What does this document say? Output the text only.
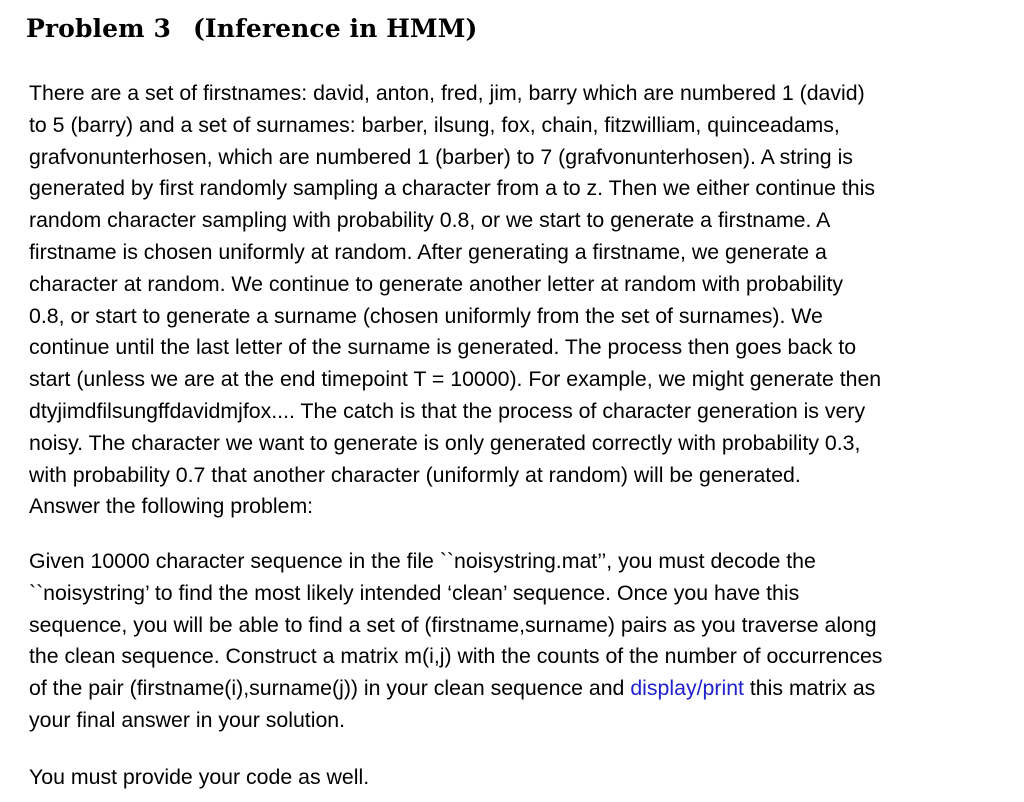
Problem 3 (Inference in HMM)
There are a set of firstnames: david, anton, fred, jim, barry which are numbered 1 (david)
to 5 (barry) and a set of surnames: barber, ilsung, fox, chain, fitzwilliam, quinceadams,
grafvonunterhosen, which are numbered 1 (barber) to 7 (grafvonunterhosen). A string is
generated by first randomly sampling a character from a to z. Then we either continue this
random character sampling with probability 0.8, or we start to generate a firstname. A
firstname is chosen uniformly at random. After generating a firstname, we generate a
character at random. We continue to generate another letter at random with probability
0.8, or start to generate a surname (chosen uniformly from the set of surnames). We
continue until the last letter of the surname is generated. The process then goes back to
start (unless we are at the end timepoint T = 10000). For example, we might generate then
dtyjimdfilsungffdavidmjfox.... The catch is that the process of character generation is very
noisy. The character we want to generate is only generated correctly with probability 0.3,
with probability 0.7 that another character (uniformly at random) will be generated.
Answer the following problem:
Given 10000 character sequence in the file ``noisystring.mat’’, you must decode the
``noisystring’ to find the most likely intended ‘clean’ sequence. Once you have this
sequence, you will be able to find a set of (firstname,surname) pairs as you traverse along
the clean sequence. Construct a matrix m(i,j) with the counts of the number of occurrences
of the pair (firstname(i),surname(j)) in your clean sequence and display/print this matrix as
your final answer in your solution.
You must provide your code as well.
